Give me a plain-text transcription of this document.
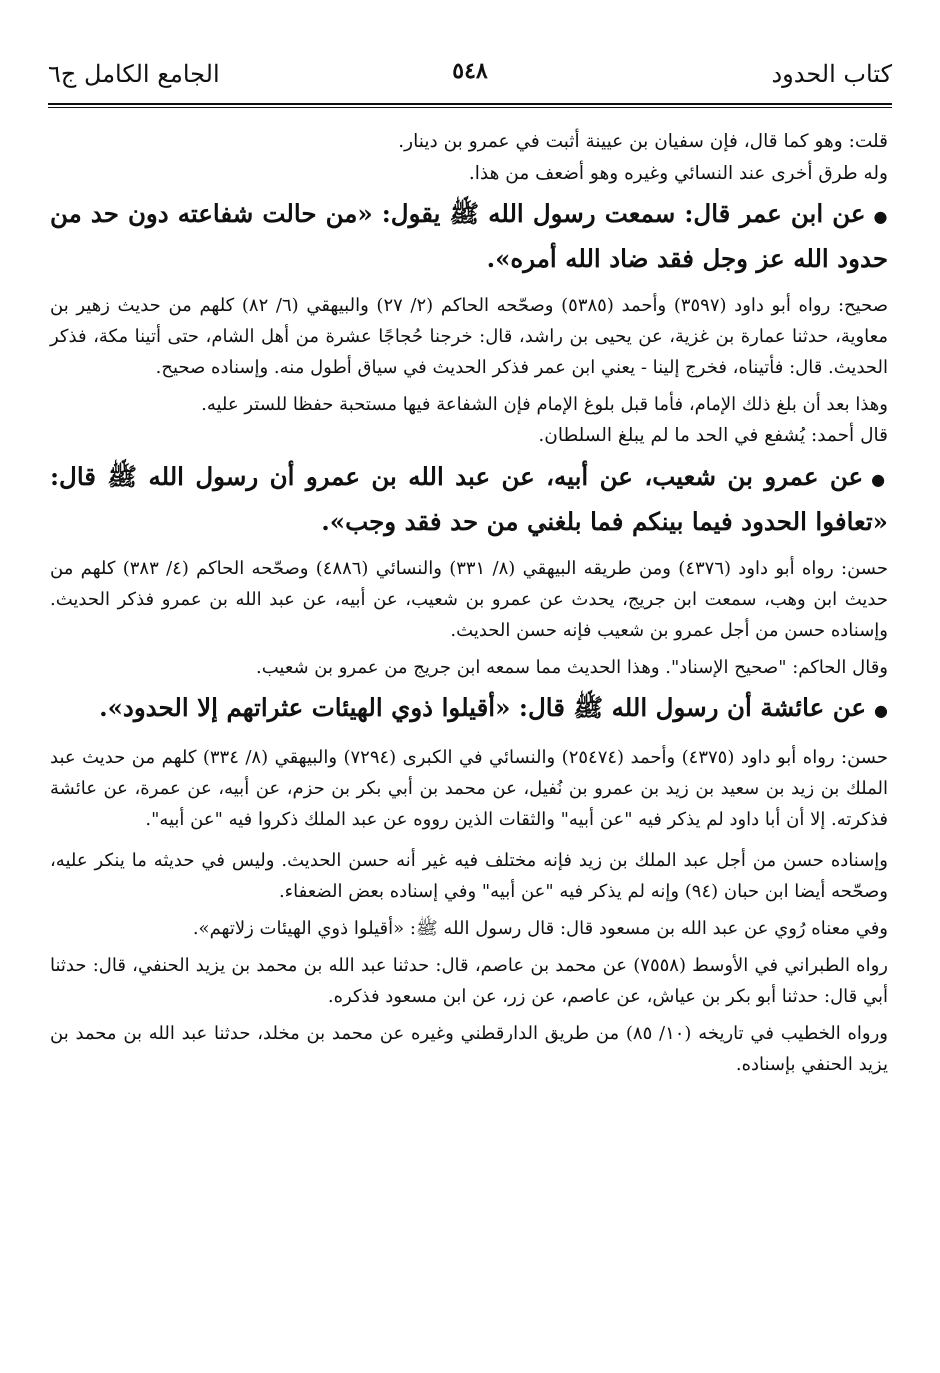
كتاب الحدود
٥٤٨
الجامع الكامل ج٦

قلت: وهو كما قال، فإن سفيان بن عيينة أثبت في عمرو بن دينار.

وله طرق أخرى عند النسائي وغيره وهو أضعف من هذا.

●عن ابن عمر قال: سمعت رسول الله ﷺ يقول: «من حالت شفاعته دون حد من حدود الله عز وجل فقد ضاد الله أمره».

صحيح: رواه أبو داود (٣٥٩٧) وأحمد (٥٣٨٥) وصحّحه الحاكم (٢/ ٢٧) والبيهقي (٦/ ٨٢) كلهم من حديث زهير بن معاوية، حدثنا عمارة بن غزية، عن يحيى بن راشد، قال: خرجنا حُجاجًا عشرة من أهل الشام، حتى أتينا مكة، فذكر الحديث. قال: فأتيناه، فخرج إلينا - يعني ابن عمر فذكر الحديث في سياق أطول منه. وإسناده صحيح.

وهذا بعد أن بلغ ذلك الإمام، فأما قبل بلوغ الإمام فإن الشفاعة فيها مستحبة حفظا للستر عليه.

قال أحمد: يُشفع في الحد ما لم يبلغ السلطان.

●عن عمرو بن شعيب، عن أبيه، عن عبد الله بن عمرو أن رسول الله ﷺ قال: «تعافوا الحدود فيما بينكم فما بلغني من حد فقد وجب».

حسن: رواه أبو داود (٤٣٧٦) ومن طريقه البيهقي (٨/ ٣٣١) والنسائي (٤٨٨٦) وصحّحه الحاكم (٤/ ٣٨٣) كلهم من حديث ابن وهب، سمعت ابن جريج، يحدث عن عمرو بن شعيب، عن أبيه، عن عبد الله بن عمرو فذكر الحديث. وإسناده حسن من أجل عمرو بن شعيب فإنه حسن الحديث.

وقال الحاكم: "صحيح الإسناد". وهذا الحديث مما سمعه ابن جريج من عمرو بن شعيب.

●عن عائشة أن رسول الله ﷺ قال: «أقيلوا ذوي الهيئات عثراتهم إلا الحدود».

حسن: رواه أبو داود (٤٣٧٥) وأحمد (٢٥٤٧٤) والنسائي في الكبرى (٧٢٩٤) والبيهقي (٨/ ٣٣٤) كلهم من حديث عبد الملك بن زيد بن سعيد بن زيد بن عمرو بن نُفيل، عن محمد بن أبي بكر بن حزم، عن أبيه، عن عمرة، عن عائشة فذكرته. إلا أن أبا داود لم يذكر فيه "عن أبيه" والثقات الذين رووه عن عبد الملك ذكروا فيه "عن أبيه".

وإسناده حسن من أجل عبد الملك بن زيد فإنه مختلف فيه غير أنه حسن الحديث. وليس في حديثه ما ينكر عليه، وصحّحه أيضا ابن حبان (٩٤) وإنه لم يذكر فيه "عن أبيه" وفي إسناده بعض الضعفاء.

وفي معناه رُوي عن عبد الله بن مسعود قال: قال رسول الله ﷺ: «أقيلوا ذوي الهيئات زلاتهم».

رواه الطبراني في الأوسط (٧٥٥٨) عن محمد بن عاصم، قال: حدثنا عبد الله بن محمد بن يزيد الحنفي، قال: حدثنا أبي قال: حدثنا أبو بكر بن عياش، عن عاصم، عن زر، عن ابن مسعود فذكره.

ورواه الخطيب في تاريخه (١٠/ ٨٥) من طريق الدارقطني وغيره عن محمد بن مخلد، حدثنا عبد الله بن محمد بن يزيد الحنفي بإسناده.
